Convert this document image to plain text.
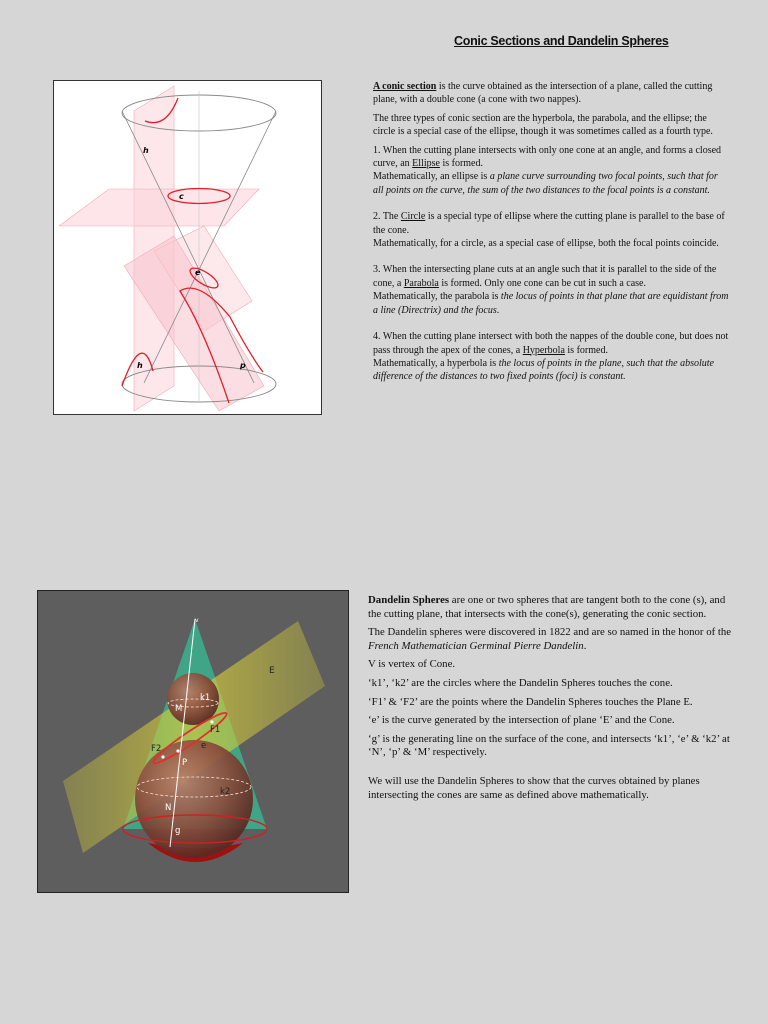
Conic Sections and Dandelin Spheres
h
c
e
h	p

A conic section is the curve obtained as the intersection of a plane, called the cutting plane, with a double cone (a cone with two nappes).

The three types of conic section are the hyperbola, the parabola, and the ellipse; the circle is a special case of the ellipse, though it was sometimes called as a fourth type.

1. When the cutting plane intersects with only one cone at an angle, and forms a closed curve, an Ellipse is formed.
Mathematically, an ellipse is a plane curve surrounding two focal points, such that for all points on the curve, the sum of the two distances to the focal points is a constant.

2. The Circle is a special type of ellipse where the cutting plane is parallel to the base of the cone.
Mathematically, for a circle, as a special case of ellipse, both the focal points coincide.

3. When the intersecting plane cuts at an angle such that it is parallel to the side of the cone, a Parabola is formed. Only one cone can be cut in such a case.
Mathematically, the parabola is the locus of points in that plane that are equidistant from a line (Directrix) and the focus.

4. When the cutting plane intersect with both the nappes of the double cone, but does not pass through the apex of the cones, a Hyperbola is formed.
Mathematically, a hyperbola is the locus of points in the plane, such that the absolute difference of the distances to two fixed points (foci) is constant.

v
E
k1
M
F1
F2	e
P
k2
N
g

Dandelin Spheres are one or two spheres that are tangent both to the cone (s), and the cutting plane, that intersects with the cone(s), generating the conic section.

The Dandelin spheres were discovered in 1822 and are so named in the honor of the French Mathematician Germinal Pierre Dandelin.

V is vertex of Cone.

‘k1’, ‘k2’ are the circles where the Dandelin Spheres touches the cone.

‘F1’ & ‘F2’ are the points where the Dandelin Spheres touches the Plane E.

‘e’ is the curve generated by the intersection of plane ‘E’ and the Cone.

‘g’ is the generating line on the surface of the cone, and intersects ‘k1’, ‘e’ & ‘k2’ at ‘N’, ‘p’ & ‘M’ respectively.

We will use the Dandelin Spheres to show that the curves obtained by planes intersecting the cones are same as defined above mathematically.
